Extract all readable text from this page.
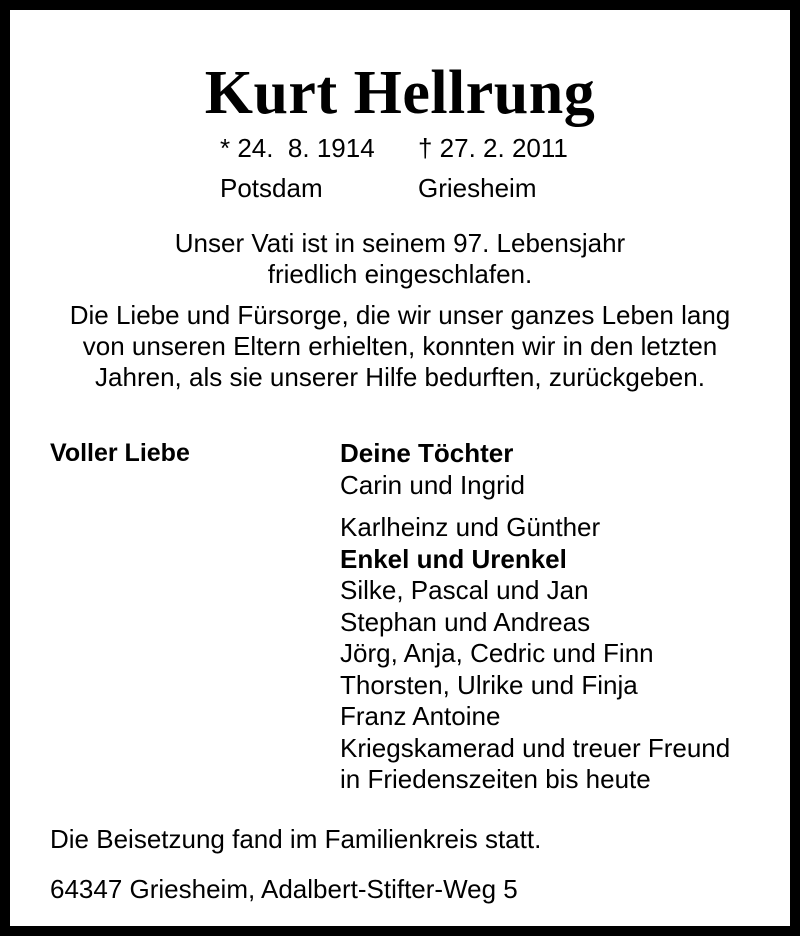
Kurt Hellrung
* 24.  8. 1914
Potsdam
† 27. 2. 2011
Griesheim

Unser Vati ist in seinem 97. Lebensjahr

friedlich eingeschlafen.

Die Liebe und Fürsorge, die wir unser ganzes Leben lang

von unseren Eltern erhielten, konnten wir in den letzten

Jahren, als sie unserer Hilfe bedurften, zurückgeben.

Voller Liebe	Deine Töchter
Carin und Ingrid
Karlheinz und Günther
Enkel und Urenkel
Silke, Pascal und Jan
Stephan und Andreas
Jörg, Anja, Cedric und Finn
Thorsten, Ulrike und Finja
Franz Antoine
Kriegskamerad und treuer Freund
in Friedenszeiten bis heute
Die Beisetzung fand im Familienkreis statt.
64347 Griesheim, Adalbert-Stifter-Weg 5
